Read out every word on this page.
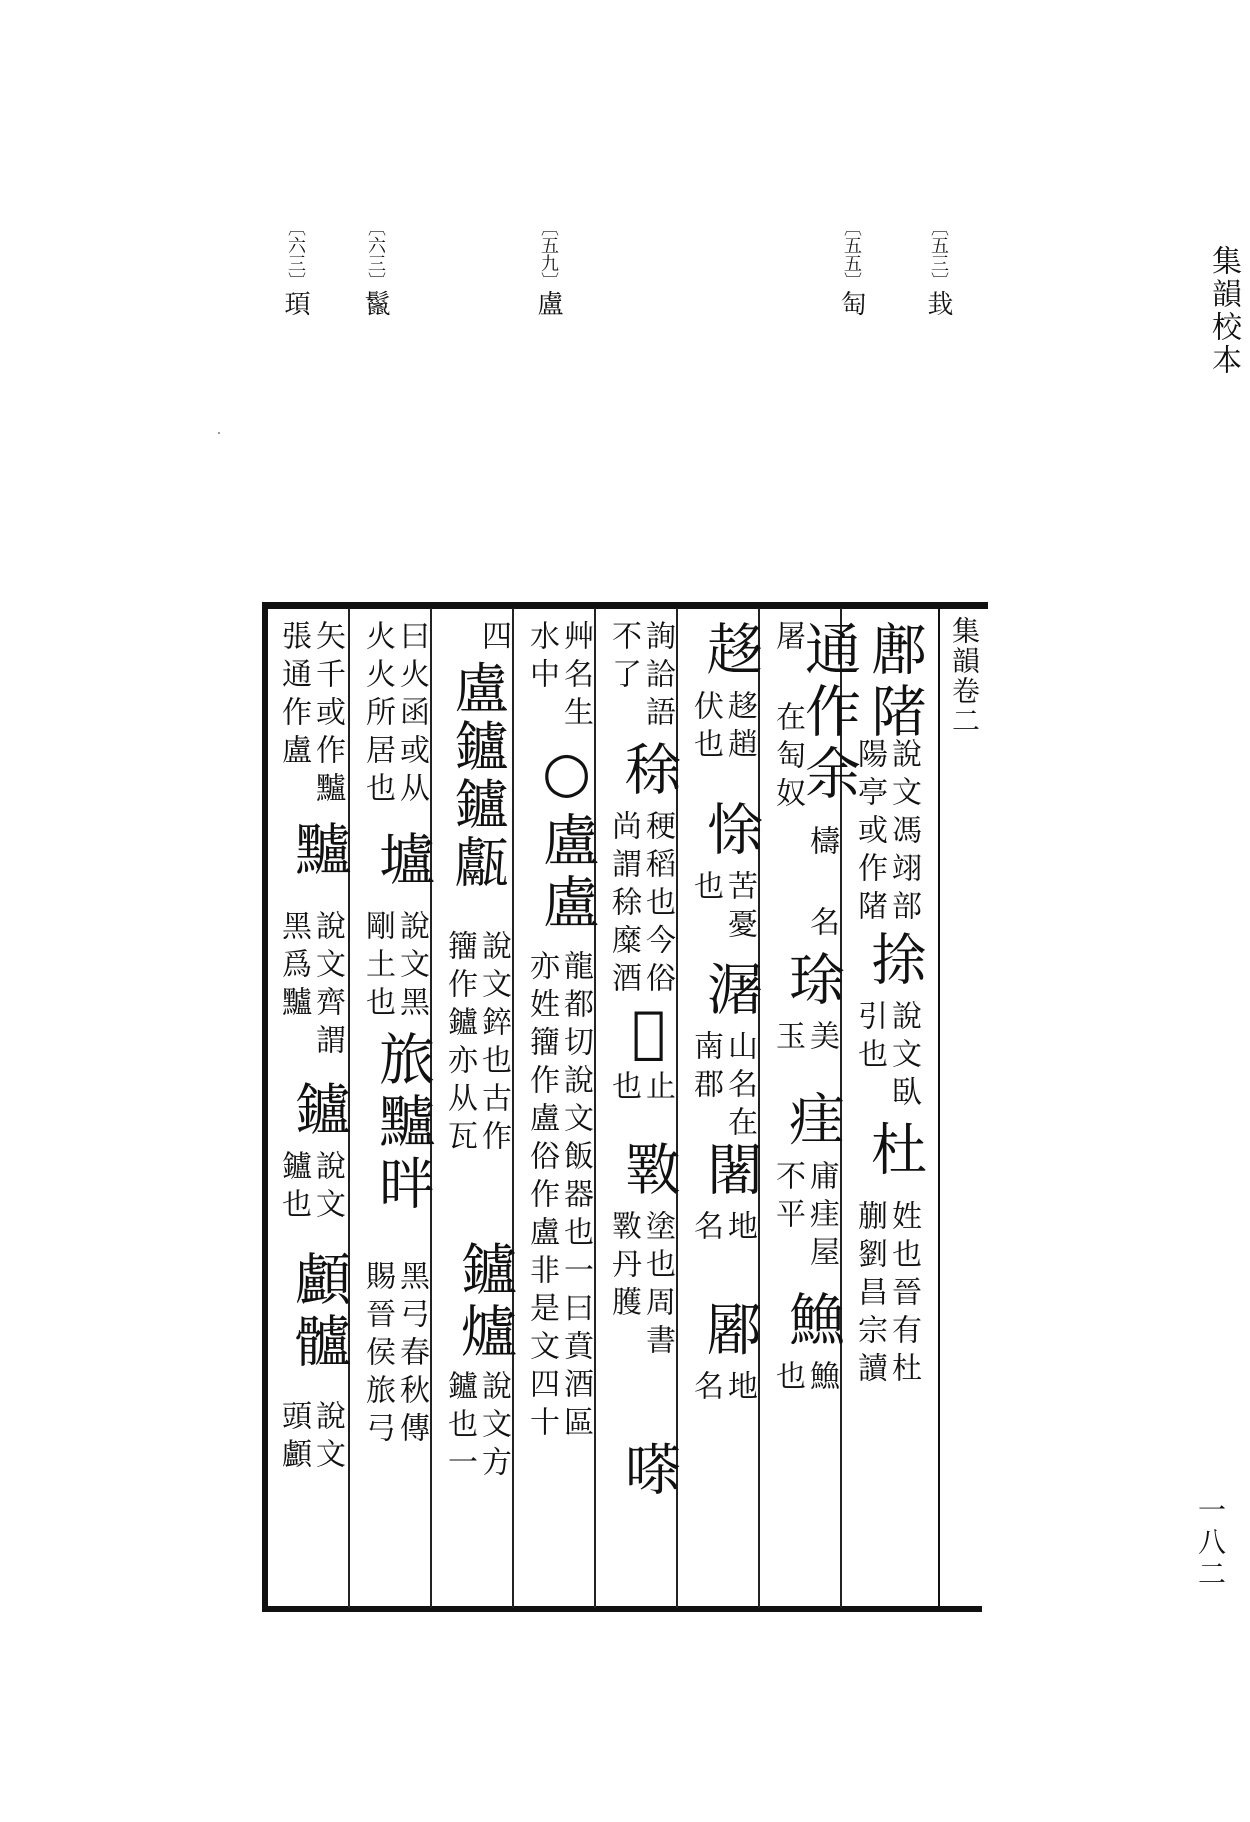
集韻校本
一八二
〔五三〕㘽
〔五五〕匋
〔五九〕盧
〔六三〕鬣
〔六三〕頊
集韻卷二
鄌陼
陽亭或作陼 說文馮翊部
捈
引也 說文臥
杜
蒯劉昌宗讀 姓也晉有杜
屠 在匋奴
通作余
檮 名
㻌
玉 美
㾏
不平 庯㾏屋
䲆
也 䲆
趍
伏也 趍趙
悇
也 苦憂
潳
南郡 山名在
闍
名 地
䣝
名 地
不了 詢詥語
稌
尚謂稌糜酒 稉稻也今俗
𨦌
也 止
斁
斁丹臒 塗也周書
嗏
水中 艸名生
○盧盧
亦姓籒作盧俗作盧非是文四十 龍都切說文飯器也一曰賁酒區
四
盧鑪鑪甗
籒作鑪亦从瓦 說文錊也古作
鑪爐
鑪也一 說文方
火火所居也 曰火函或从
壚
剛土也 說文黑
旅黸㫠
賜晉侯旅弓 黑弓春秋傳
張通作盧 矢千或作黸
黸
黑爲黸 說文齊謂
鑪
鑪也 說文
顱髗
頭顱 說文
